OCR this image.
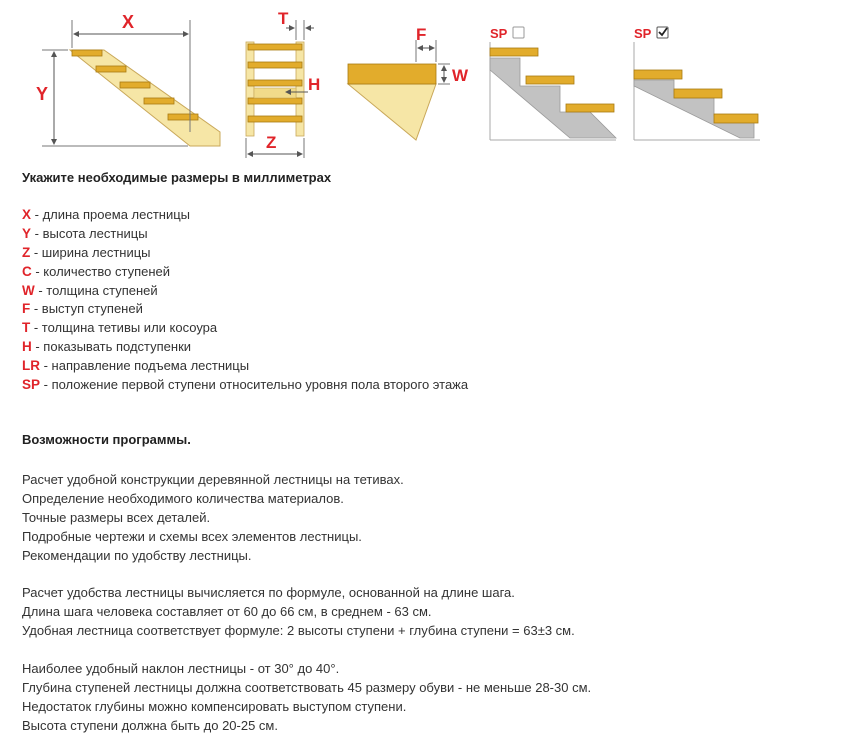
X
Y
T
H
Z
F
W
SP	SP
Укажите необходимые размеры в миллиметрах
X - длина проема лестницы
Y - высота лестницы
Z - ширина лестницы
C - количество ступеней
W - толщина ступеней
F - выступ ступеней
T - толщина тетивы или косоура
H - показывать подступенки
LR - направление подъема лестницы
SP - положение первой ступени относительно уровня пола второго этажа
Возможности программы.

Расчет удобной конструкции деревянной лестницы на тетивах.
Определение необходимого количества материалов.
Точные размеры всех деталей.
Подробные чертежи и схемы всех элементов лестницы.
Рекомендации по удобству лестницы.

Расчет удобства лестницы вычисляется по формуле, основанной на длине шага.
Длина шага человека составляет от 60 до 66 см, в среднем - 63 см.
Удобная лестница соответствует формуле: 2 высоты ступени + глубина ступени = 63±3 см.

Наиболее удобный наклон лестницы - от 30° до 40°.
Глубина ступеней лестницы должна соответствовать 45 размеру обуви - не меньше 28-30 см.
Недостаток глубины можно компенсировать выступом ступени.
Высота ступени должна быть до 20-25 см.
